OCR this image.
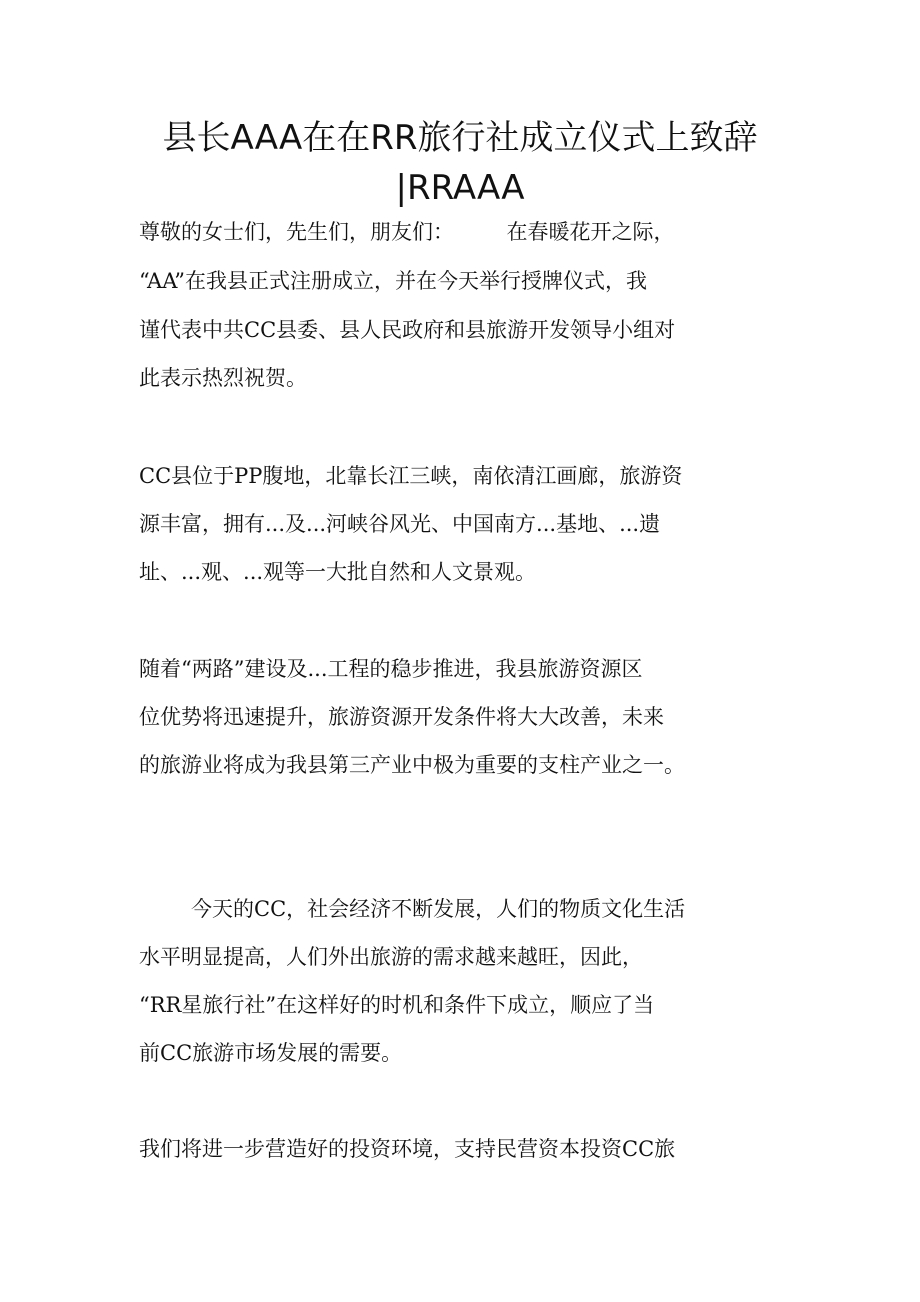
县长AAA在在RR旅行社成立仪式上致辞
|RRAAA
尊敬的女士们，先生们，朋友们：　　　在春暖花开之际，
“AA”在我县正式注册成立，并在今天举行授牌仪式，我
谨代表中共CC县委、县人民政府和县旅游开发领导小组对
此表示热烈祝贺。
CC县位于PP腹地，北靠长江三峡，南依清江画廊，旅游资
源丰富，拥有...及...河峡谷风光、中国南方...基地、...遗
址、...观、...观等一大批自然和人文景观。
随着“两路”建设及...工程的稳步推进，我县旅游资源区
位优势将迅速提升，旅游资源开发条件将大大改善，未来
的旅游业将成为我县第三产业中极为重要的支柱产业之一。
今天的CC，社会经济不断发展，人们的物质文化生活
水平明显提高，人们外出旅游的需求越来越旺，因此，
“RR星旅行社”在这样好的时机和条件下成立，顺应了当
前CC旅游市场发展的需要。
我们将进一步营造好的投资环境，支持民营资本投资CC旅
